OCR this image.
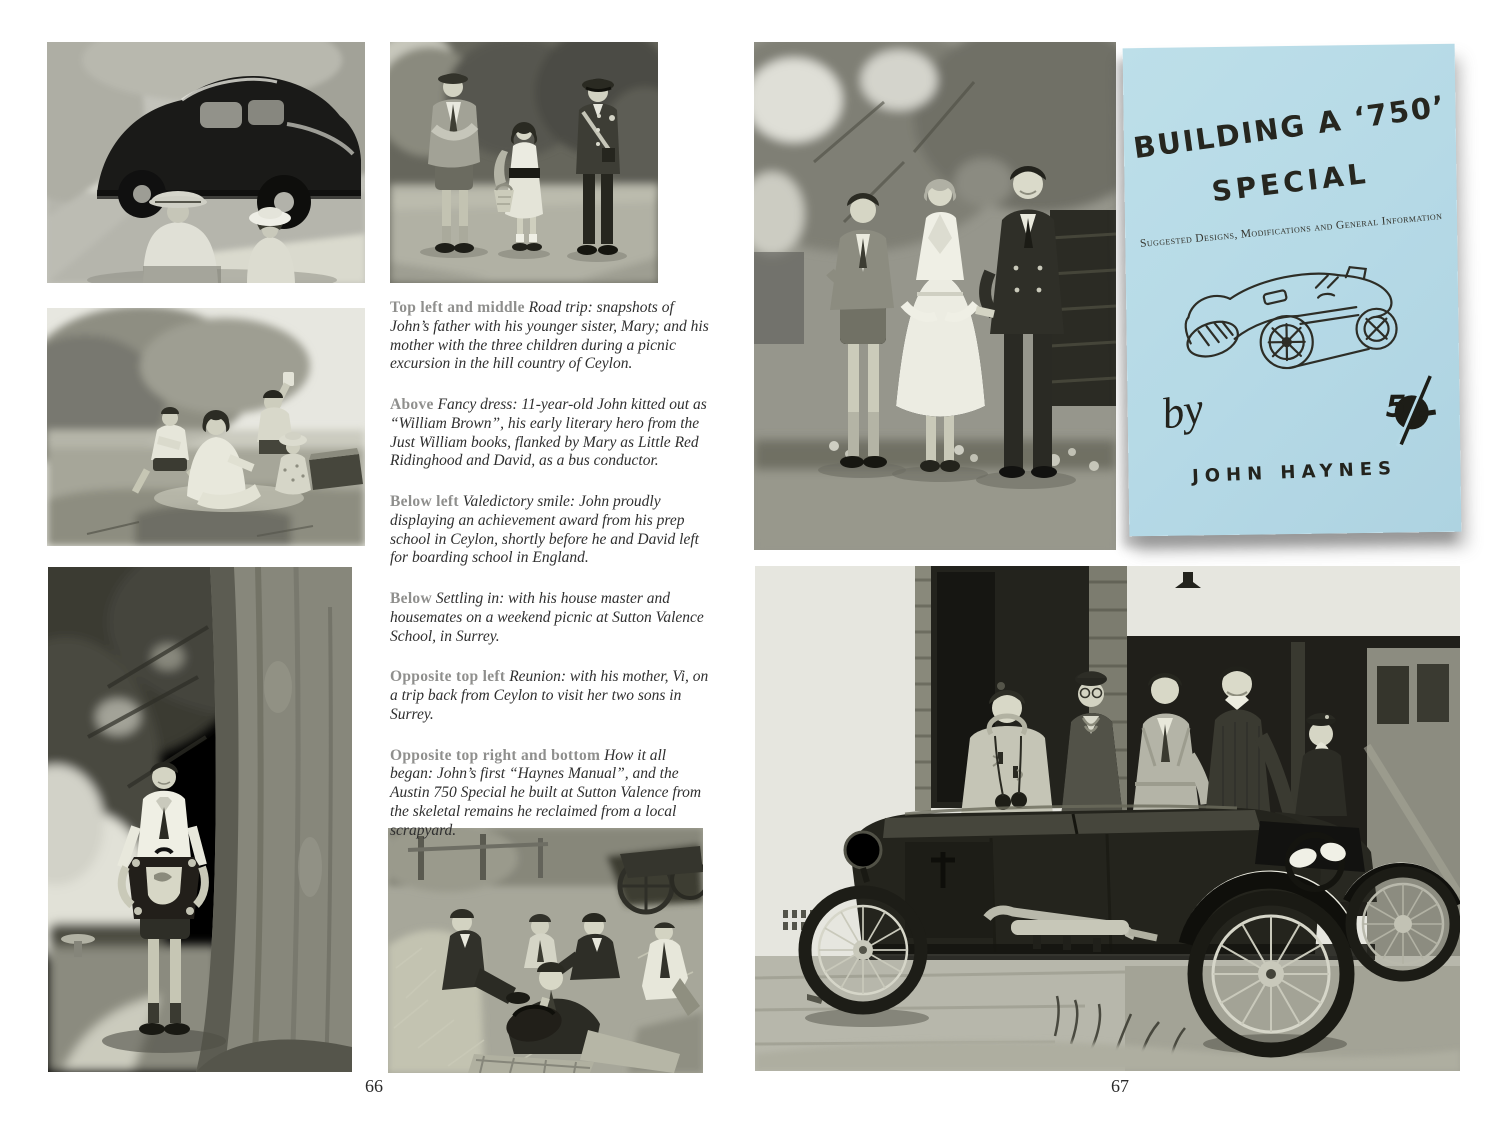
Top left and middle Road trip: snapshots of John’s father with his younger sister, Mary; and his mother with the three children during a picnic excursion in the hill country of Ceylon.

Above Fancy dress: 11-year-old John kitted out as “William Brown”, his early literary hero from the Just William books, flanked by Mary as Little Red Ridinghood and David, as a bus conductor.

Below left Valedictory smile: John proudly displaying an achievement award from his prep school in Ceylon, shortly before he and David left for boarding school in England.

Below Settling in: with his house master and housemates on a weekend picnic at Sutton Valence School, in Surrey.

Opposite top left Reunion: with his mother, Vi, on a trip back from Ceylon to visit her two sons in Surrey.

Opposite top right and bottom How it all began: John’s first “Haynes Manual”, and the Austin 750 Special he built at Sutton Valence from the skeletal remains he reclaimed from a local scrapyard.

BUILDING A ‘750’
SPECIAL
Suggested Designs, Modifications and General Information
by	5
JOHN HAYNES
66	67
